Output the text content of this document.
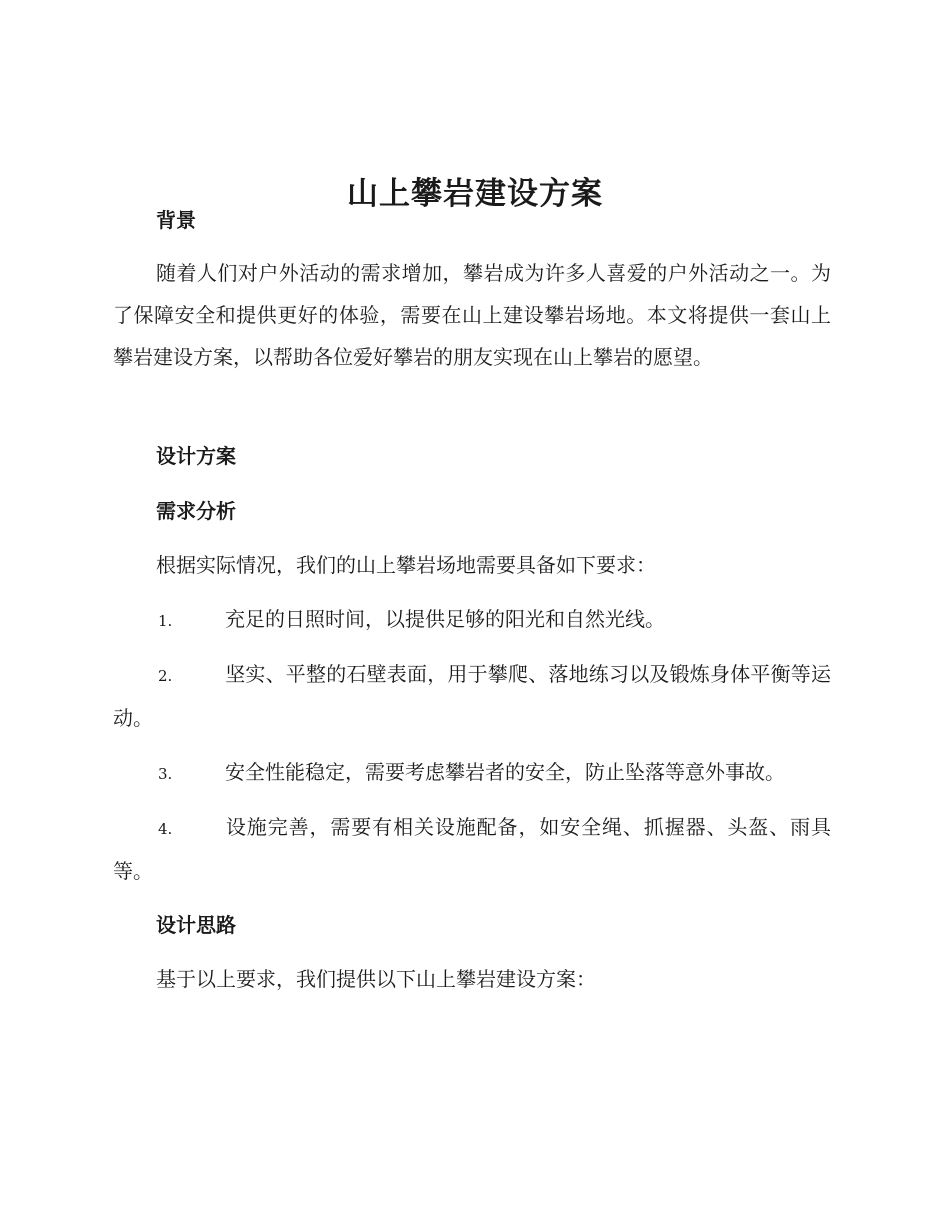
山上攀岩建设方案
背景

随着人们对户外活动的需求增加，攀岩成为许多人喜爱的户外活动之一。为了保障安全和提供更好的体验，需要在山上建设攀岩场地。本文将提供一套山上攀岩建设方案，以帮助各位爱好攀岩的朋友实现在山上攀岩的愿望。

设计方案
需求分析

根据实际情况，我们的山上攀岩场地需要具备如下要求：

1.	充足的日照时间，以提供足够的阳光和自然光线。

2.	坚实、平整的石壁表面，用于攀爬、落地练习以及锻炼身体平衡等运动。

3.	安全性能稳定，需要考虑攀岩者的安全，防止坠落等意外事故。

4.	设施完善，需要有相关设施配备，如安全绳、抓握器、头盔、雨具等。

设计思路

基于以上要求，我们提供以下山上攀岩建设方案：
